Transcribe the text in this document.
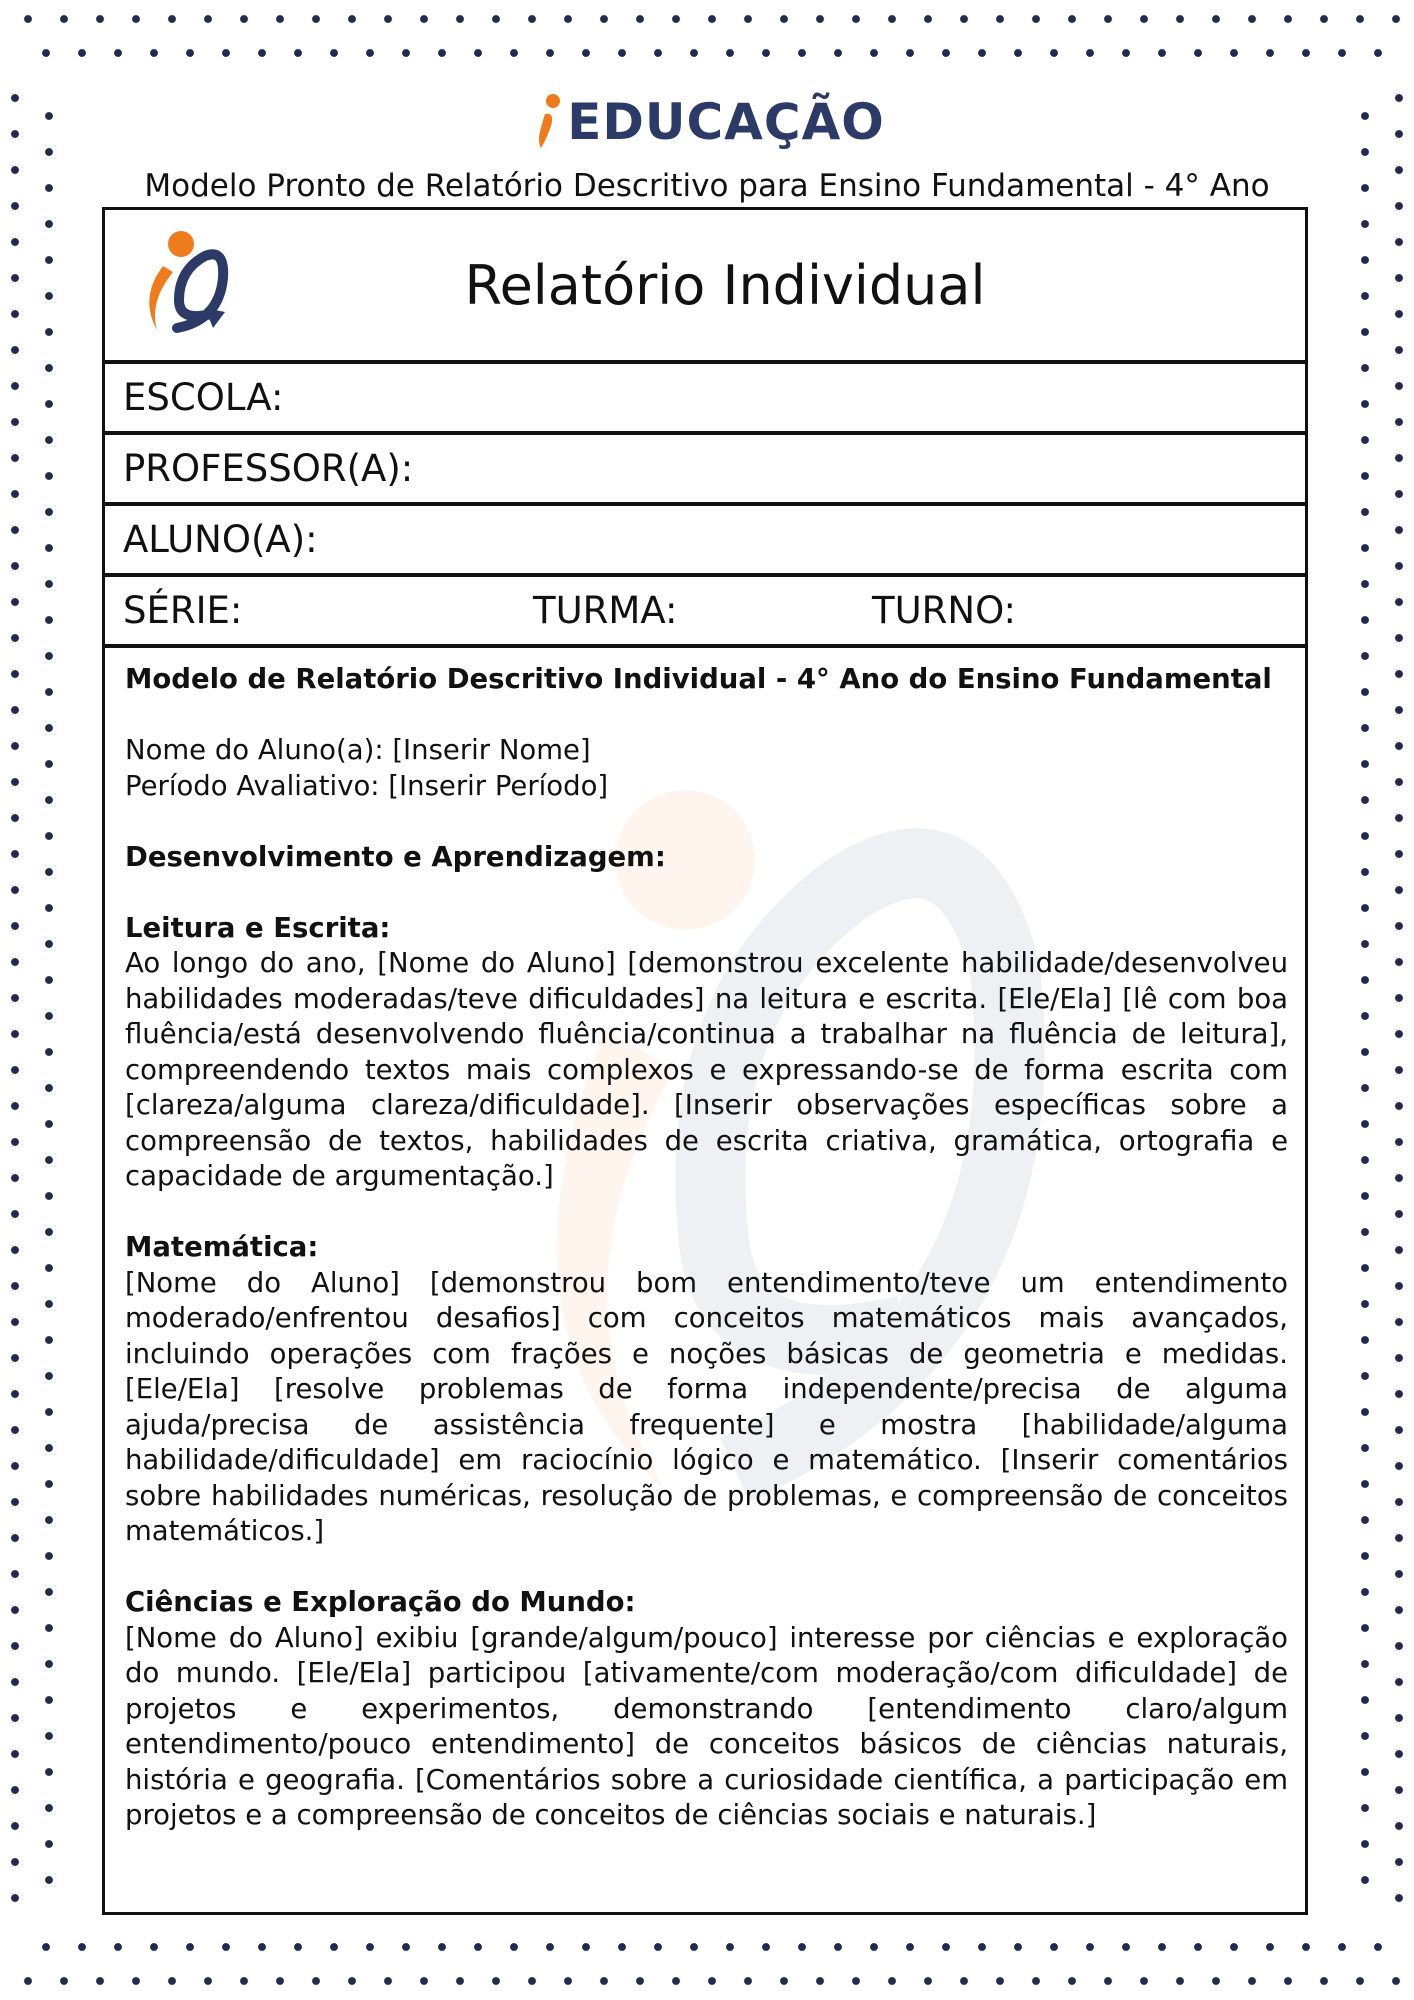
EDUCAÇÃO
Modelo Pronto de Relatório Descritivo para Ensino Fundamental - 4° Ano
Relatório Individual
ESCOLA:
PROFESSOR(A):
ALUNO(A):
SÉRIE:	TURMA:	TURNO:
Modelo de Relatório Descritivo Individual - 4° Ano do Ensino Fundamental
Nome do Aluno(a): [Inserir Nome]
Período Avaliativo: [Inserir Período]
Desenvolvimento e Aprendizagem:
Leitura e Escrita:

Ao longo do ano, [Nome do Aluno] [demonstrou excelente habilidade/desenvolveu habilidades moderadas/teve dificuldades] na leitura e escrita. [Ele/Ela] [lê com boa fluência/está desenvolvendo fluência/continua a trabalhar na fluência de leitura], compreendendo textos mais complexos e expressando-se de forma escrita com [clareza/alguma clareza/dificuldade]. [Inserir observações específicas sobre a compreensão de textos, habilidades de escrita criativa, gramática, ortografia e capacidade de argumentação.]

Matemática:

[Nome do Aluno] [demonstrou bom entendimento/teve um entendimento moderado/enfrentou desafios] com conceitos matemáticos mais avançados, incluindo operações com frações e noções básicas de geometria e medidas. [Ele/Ela] [resolve problemas de forma independente/precisa de alguma ajuda/precisa de assistência frequente] e mostra [habilidade/alguma habilidade/dificuldade] em raciocínio lógico e matemático. [Inserir comentários sobre habilidades numéricas, resolução de problemas, e compreensão de conceitos matemáticos.]

Ciências e Exploração do Mundo:

[Nome do Aluno] exibiu [grande/algum/pouco] interesse por ciências e exploração do mundo. [Ele/Ela] participou [ativamente/com moderação/com dificuldade] de projetos e experimentos, demonstrando [entendimento claro/algum entendimento/pouco entendimento] de conceitos básicos de ciências naturais, história e geografia. [Comentários sobre a curiosidade científica, a participação em projetos e a compreensão de conceitos de ciências sociais e naturais.]
